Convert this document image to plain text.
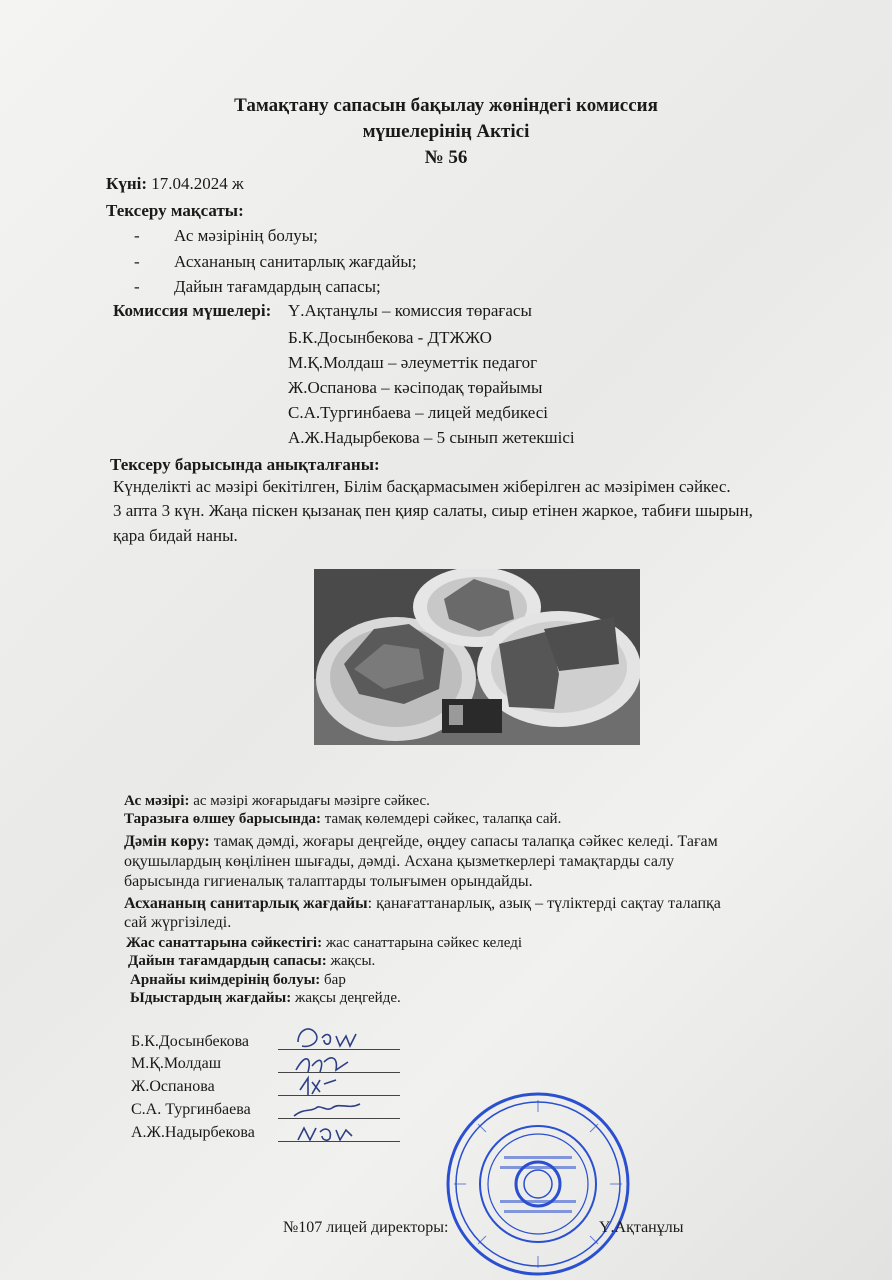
Тамақтану сапасын бақылау жөніндегі комиссия
мүшелерінің Актісі
№ 56
Күні: 17.04.2024 ж
Тексеру мақсаты:
- Ас мәзірінің болуы;
- Асхананың санитарлық жағдайы;
- Дайын тағамдардың сапасы;
Комиссия мүшелері: Ү.Ақтанұлы – комиссия төрағасы
Б.К.Досынбекова - ДТЖЖО
М.Қ.Молдаш – әлеуметтік педагог
Ж.Оспанова – кәсіподақ төрайымы
С.А.Тургинбаева – лицей медбикесі
А.Ж.Надырбекова – 5 сынып жетекшісі
Тексеру барысында анықталғаны:
Күнделікті ас мәзірі бекітілген, Білім басқармасымен жіберілген ас мәзірімен сәйкес.
3 апта 3 күн. Жаңа піскен қызанақ пен қияр салаты, сиыр етінен жаркое, табиғи шырын,
қара бидай наны.
Ас мәзірі: ас мәзірі жоғарыдағы мәзірге сәйкес.
Таразыға өлшеу барысында: тамақ көлемдері сәйкес, талапқа сай.
Дәмін көру: тамақ дәмді, жоғары деңгейде, өңдеу сапасы талапқа сәйкес келеді. Тағам
оқушылардың көңілінен шығады, дәмді. Асхана қызметкерлері тамақтарды салу
барысында гигиеналық талаптарды толығымен орындайды.
Асхананың санитарлық жағдайы: қанағаттанарлық, азық – түліктерді сақтау талапқа
сай жүргізіледі.
Жас санаттарына сәйкестігі: жас санаттарына сәйкес келеді
Дайын тағамдардың сапасы: жақсы.
Арнайы киімдерінің болуы: бар
Ыдыстардың жағдайы: жақсы деңгейде.
Б.К.Досынбекова
М.Қ.Молдаш
Ж.Оспанова
С.А. Тургинбаева
А.Ж.Надырбекова
№107 лицей директоры:	Ү.Ақтанұлы
